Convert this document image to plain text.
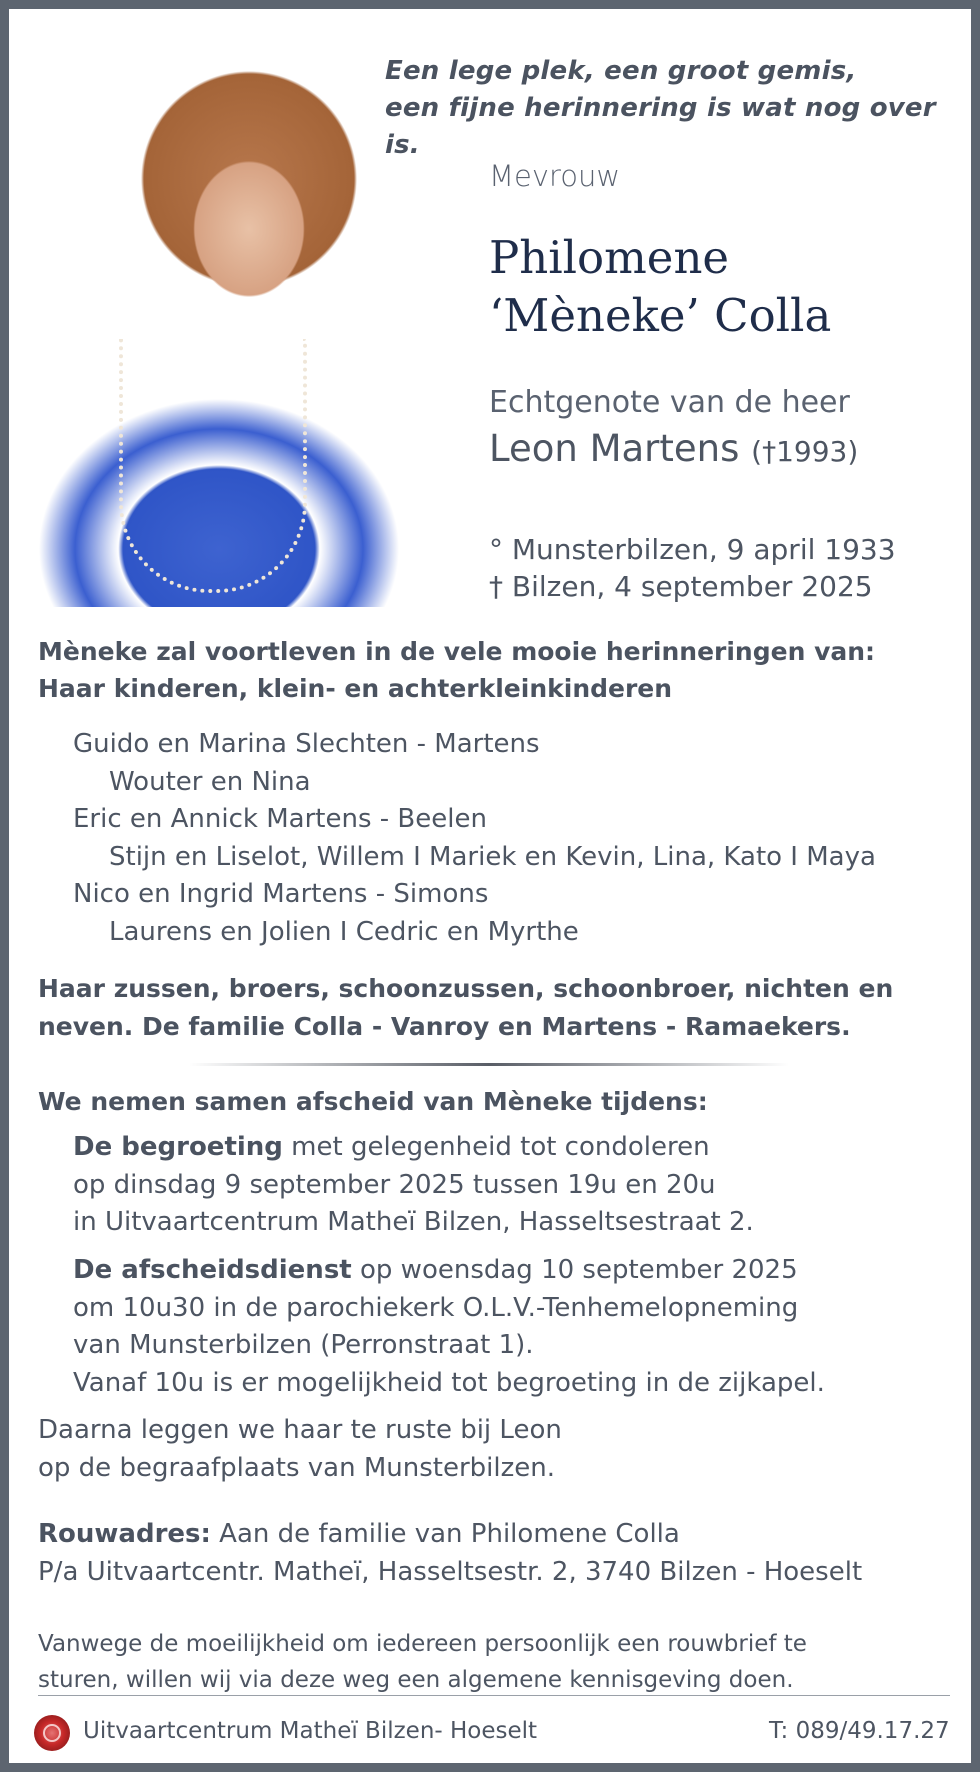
Een lege plek, een groot gemis,
een fijne herinnering is wat nog over is.
Mevrouw
Philomene
‘Mèneke’ Colla
Echtgenote van de heer
Leon Martens (†1993)
° Munsterbilzen, 9 april 1933
† Bilzen, 4 september 2025
Mèneke zal voortleven in de vele mooie herinneringen van:
Haar kinderen, klein- en achterkleinkinderen
Guido en Marina Slechten - Martens
Wouter en Nina
Eric en Annick Martens - Beelen
Stijn en Liselot, Willem I Mariek en Kevin, Lina, Kato I Maya
Nico en Ingrid Martens - Simons
Laurens en Jolien I Cedric en Myrthe
Haar zussen, broers, schoonzussen, schoonbroer, nichten en
neven. De familie Colla - Vanroy en Martens - Ramaekers.
We nemen samen afscheid van Mèneke tijdens:
De begroeting met gelegenheid tot condoleren
op dinsdag 9 september 2025 tussen 19u en 20u
in Uitvaartcentrum Matheï Bilzen, Hasseltsestraat 2.
De afscheidsdienst op woensdag 10 september 2025
om 10u30 in de parochiekerk O.L.V.-Tenhemelopneming
van Munsterbilzen (Perronstraat 1).
Vanaf 10u is er mogelijkheid tot begroeting in de zijkapel.
Daarna leggen we haar te ruste bij Leon
op de begraafplaats van Munsterbilzen.
Rouwadres: Aan de familie van Philomene Colla
P/a Uitvaartcentr. Matheï, Hasseltsestr. 2, 3740 Bilzen - Hoeselt
Vanwege de moeilijkheid om iedereen persoonlijk een rouwbrief te
sturen, willen wij via deze weg een algemene kennisgeving doen.
Uitvaartcentrum Matheï Bilzen- Hoeselt	T: 089/49.17.27
